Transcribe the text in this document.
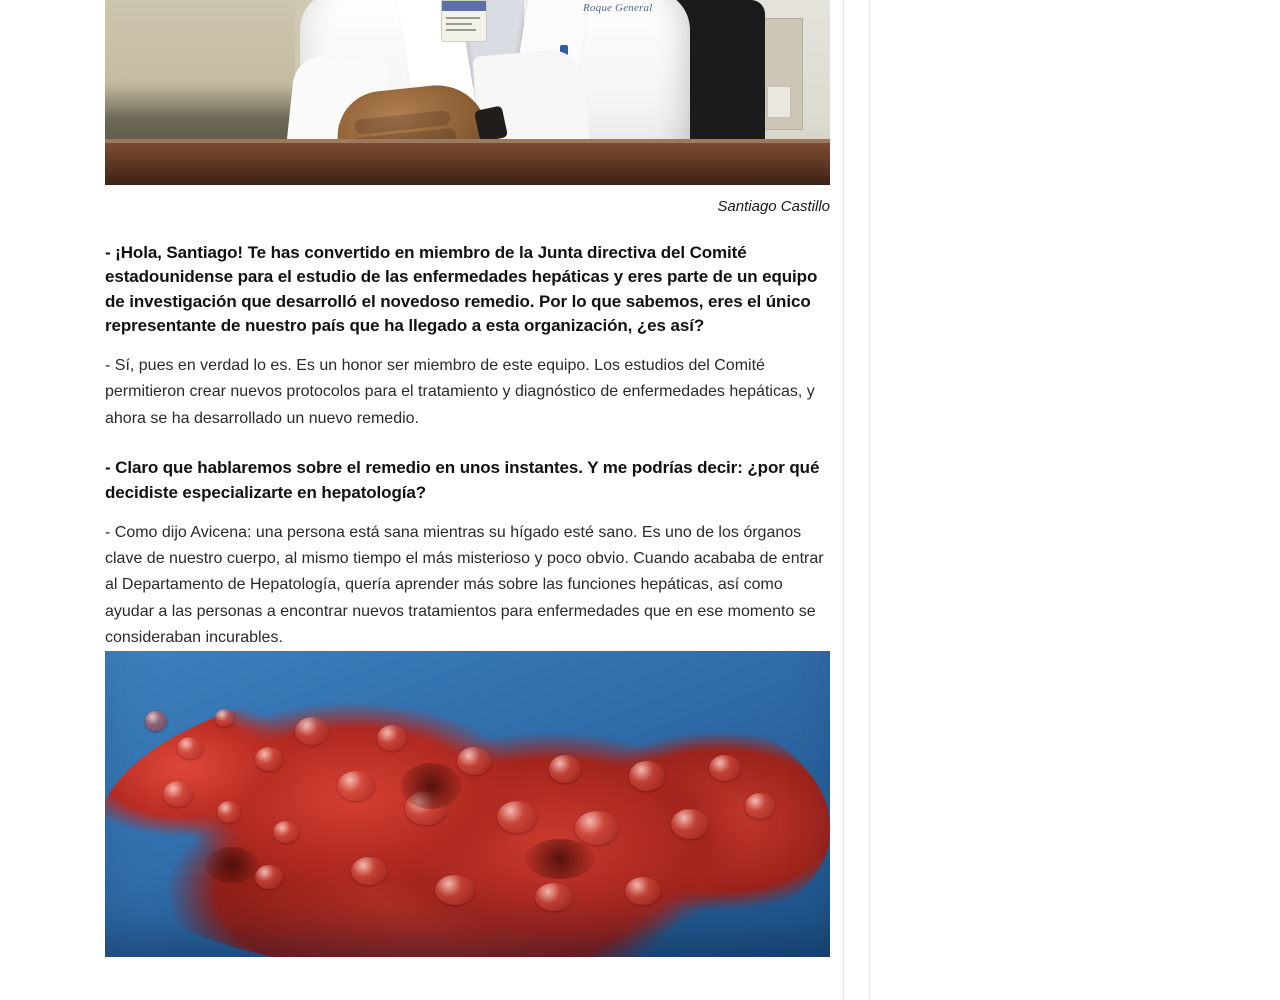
Roque General
Santiago Castillo

- ¡Hola, Santiago! Te has convertido en miembro de la Junta directiva del Comité estadounidense para el estudio de las enfermedades hepáticas y eres parte de un equipo de investigación que desarrolló el novedoso remedio. Por lo que sabemos, eres el único representante de nuestro país que ha llegado a esta organización, ¿es así?

- Sí, pues en verdad lo es. Es un honor ser miembro de este equipo. Los estudios del Comité permitieron crear nuevos protocolos para el tratamiento y diagnóstico de enfermedades hepáticas, y ahora se ha desarrollado un nuevo remedio.

- Claro que hablaremos sobre el remedio en unos instantes. Y me podrías decir: ¿por qué decidiste especializarte en hepatología?

- Como dijo Avicena: una persona está sana mientras su hígado esté sano. Es uno de los órganos clave de nuestro cuerpo, al mismo tiempo el más misterioso y poco obvio. Cuando acababa de entrar al Departamento de Hepatología, quería aprender más sobre las funciones hepáticas, así como ayudar a las personas a encontrar nuevos tratamientos para enfermedades que en ese momento se consideraban incurables.
